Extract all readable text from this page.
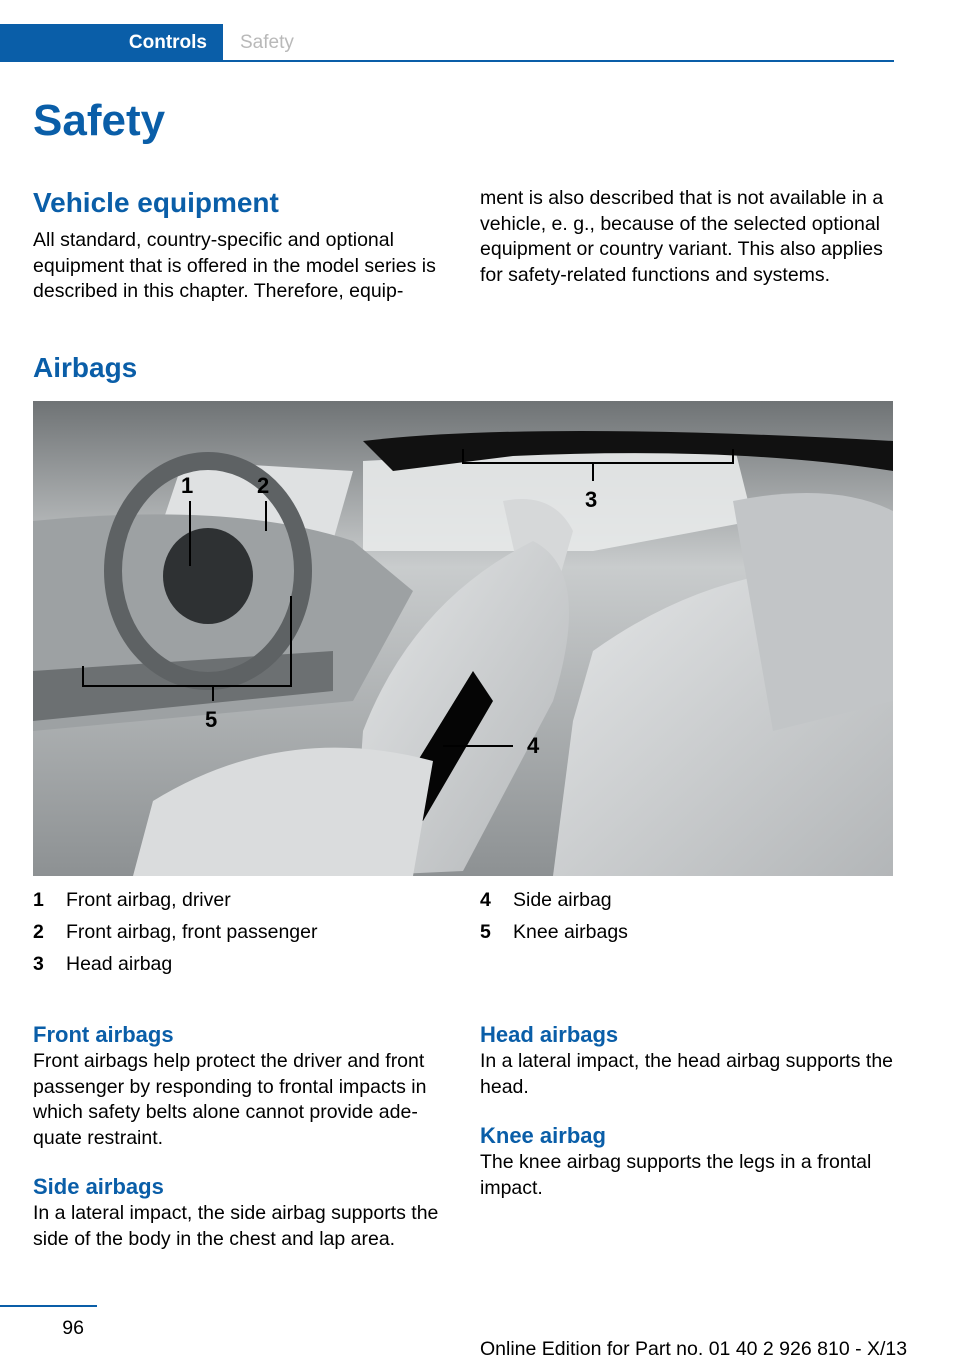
Controls	Safety
Safety
Vehicle equipment

All standard, country-specific and optional equipment that is offered in the model series is described in this chapter. Therefore, equip-

ment is also described that is not available in a vehicle, e. g., because of the selected optional equipment or country variant. This also applies for safety-related functions and systems.

Airbags
1	2
3
4
5
1	Front airbag, driver
2	Front airbag, front passenger
3	Head airbag
4	Side airbag
5	Knee airbags
Front airbags

Front airbags help protect the driver and front passenger by responding to frontal impacts in which safety belts alone cannot provide ade-quate restraint.

Side airbags

In a lateral impact, the side airbag supports the side of the body in the chest and lap area.

Head airbags

In a lateral impact, the head airbag supports the head.

Knee airbag

The knee airbag supports the legs in a frontal impact.

96
Online Edition for Part no. 01 40 2 926 810 - X/13
